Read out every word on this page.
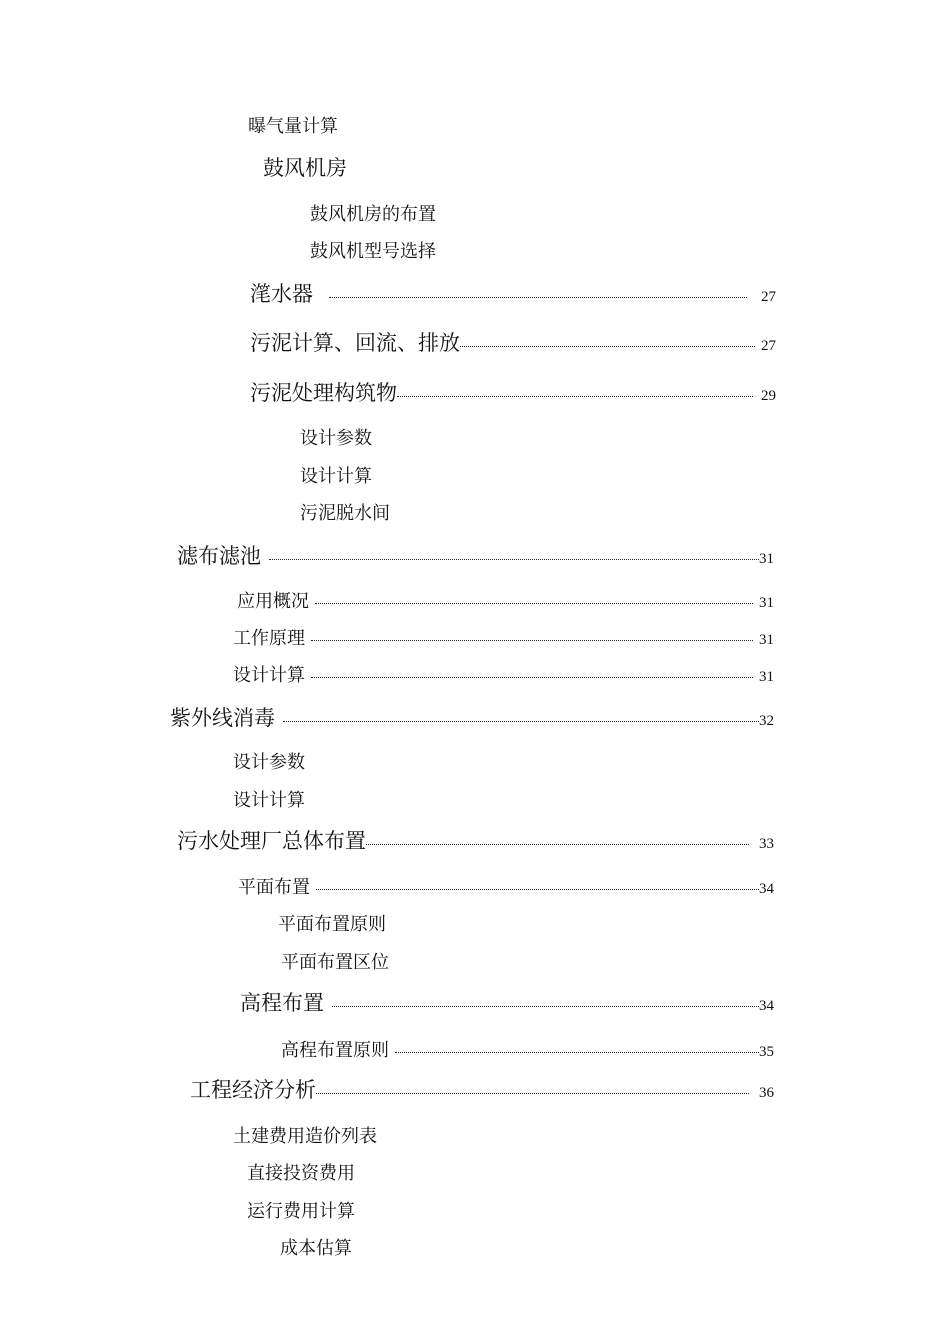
曝气量计算
鼓风机房
鼓风机房的布置
鼓风机型号选择
滗水器	27
污泥计算、回流、排放	27
污泥处理构筑物	29
设计参数
设计计算
污泥脱水间
滤布滤池	31
应用概况	31
工作原理	31
设计计算	31
紫外线消毒	32
设计参数
设计计算
污水处理厂总体布置	33
平面布置	34
平面布置原则
平面布置区位
高程布置	34
高程布置原则	35
工程经济分析	36
土建费用造价列表
直接投资费用
运行费用计算
成本估算
